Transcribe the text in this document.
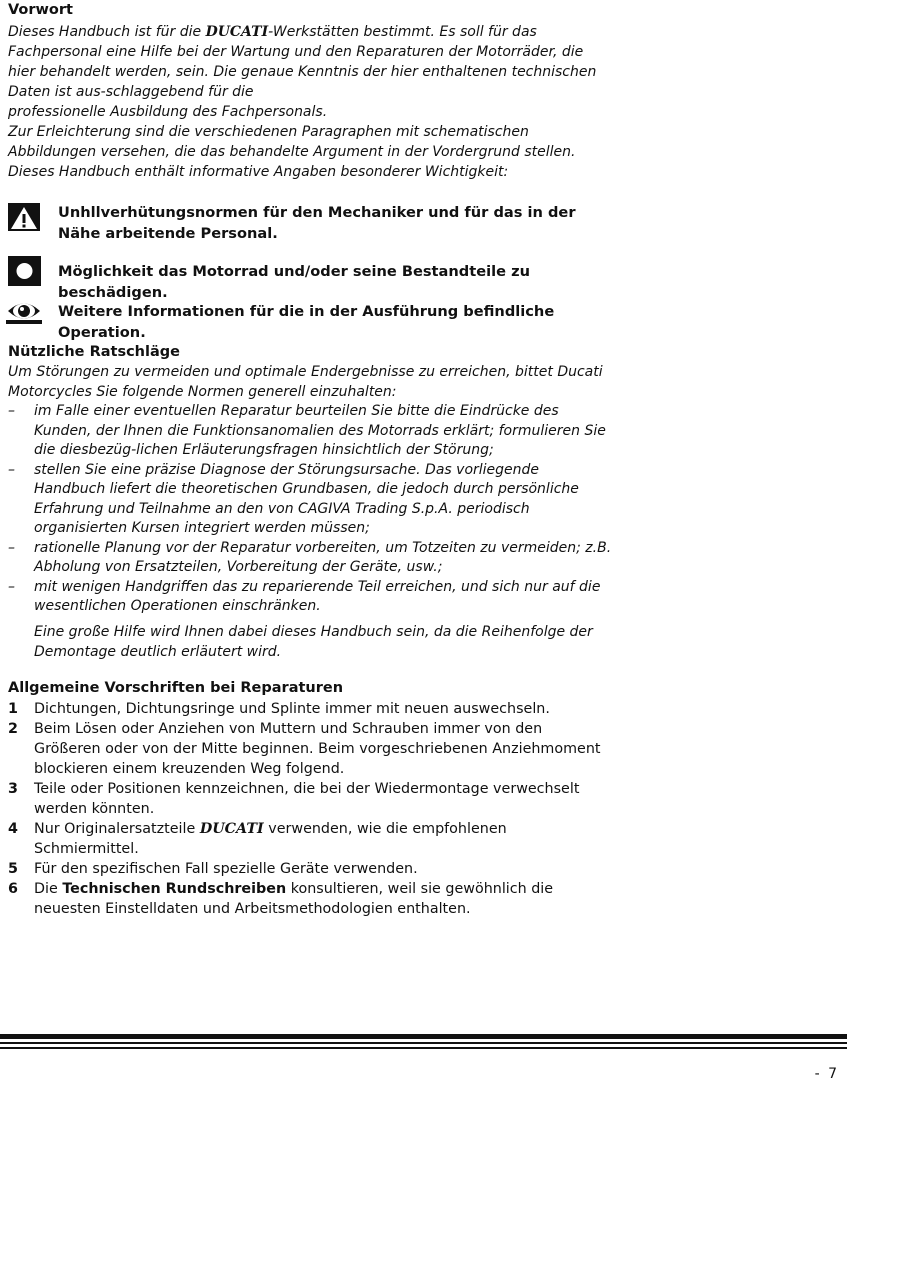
Vorwort

Dieses Handbuch ist für die DUCATI-Werkstätten bestimmt. Es soll für das Fachpersonal eine Hilfe bei der Wartung und den Reparaturen der Motorräder, die hier behandelt werden, sein. Die genaue Kenntnis der hier enthaltenen technischen Daten ist aus-schlaggebend für die

professionelle Ausbildung des Fachpersonals.

Zur Erleichterung sind die verschiedenen Paragraphen mit schematischen Abbildungen versehen, die das behandelte Argument in der Vordergrund stellen.

Dieses Handbuch enthält informative Angaben besonderer Wichtigkeit:

Unhllverhütungsnormen für den Mechaniker und für das in der Nähe arbeitende Personal.
Möglichkeit das Motorrad und/oder seine Bestandteile zu beschädigen.
Weitere Informationen für die in der Ausführung befindliche Operation.
Nützliche Ratschläge

Um Störungen zu vermeiden und optimale Endergebnisse zu erreichen, bittet Ducati Motorcycles Sie folgende Normen generell einzuhalten:

– im Falle einer eventuellen Reparatur beurteilen Sie bitte die Eindrücke des Kunden, der Ihnen die Funktionsanomalien des Motorrads erklärt; formulieren Sie die diesbezüg-lichen Erläuterungsfragen hinsichtlich der Störung;
– stellen Sie eine präzise Diagnose der Störungsursache. Das vorliegende Handbuch liefert die theoretischen Grundbasen, die jedoch durch persönliche Erfahrung und Teilnahme an den von CAGIVA Trading S.p.A. periodisch organisierten Kursen integriert werden müssen;
– rationelle Planung vor der Reparatur vorbereiten, um Totzeiten zu vermeiden; z.B. Abholung von Ersatzteilen, Vorbereitung der Geräte, usw.;
– mit wenigen Handgriffen das zu reparierende Teil erreichen, und sich nur auf die wesentlichen Operationen einschränken.

Eine große Hilfe wird Ihnen dabei dieses Handbuch sein, da die Reihenfolge der Demontage deutlich erläutert wird.

Allgemeine Vorschriften bei Reparaturen
1	Dichtungen, Dichtungsringe und Splinte immer mit neuen auswechseln.
2	Beim Lösen oder Anziehen von Muttern und Schrauben immer von den Größeren oder von der Mitte beginnen. Beim vorgeschriebenen Anziehmoment blockieren einem kreuzenden Weg folgend.
3	Teile oder Positionen kennzeichnen, die bei der Wiedermontage verwechselt werden könnten.
4	Nur Originalersatzteile DUCATI verwenden, wie die empfohlenen Schmiermittel.
5	Für den spezifischen Fall spezielle Geräte verwenden.
6	Die Technischen Rundschreiben konsultieren, weil sie gewöhnlich die neuesten Einstelldaten und Arbeitsmethodologien enthalten.
- 7
